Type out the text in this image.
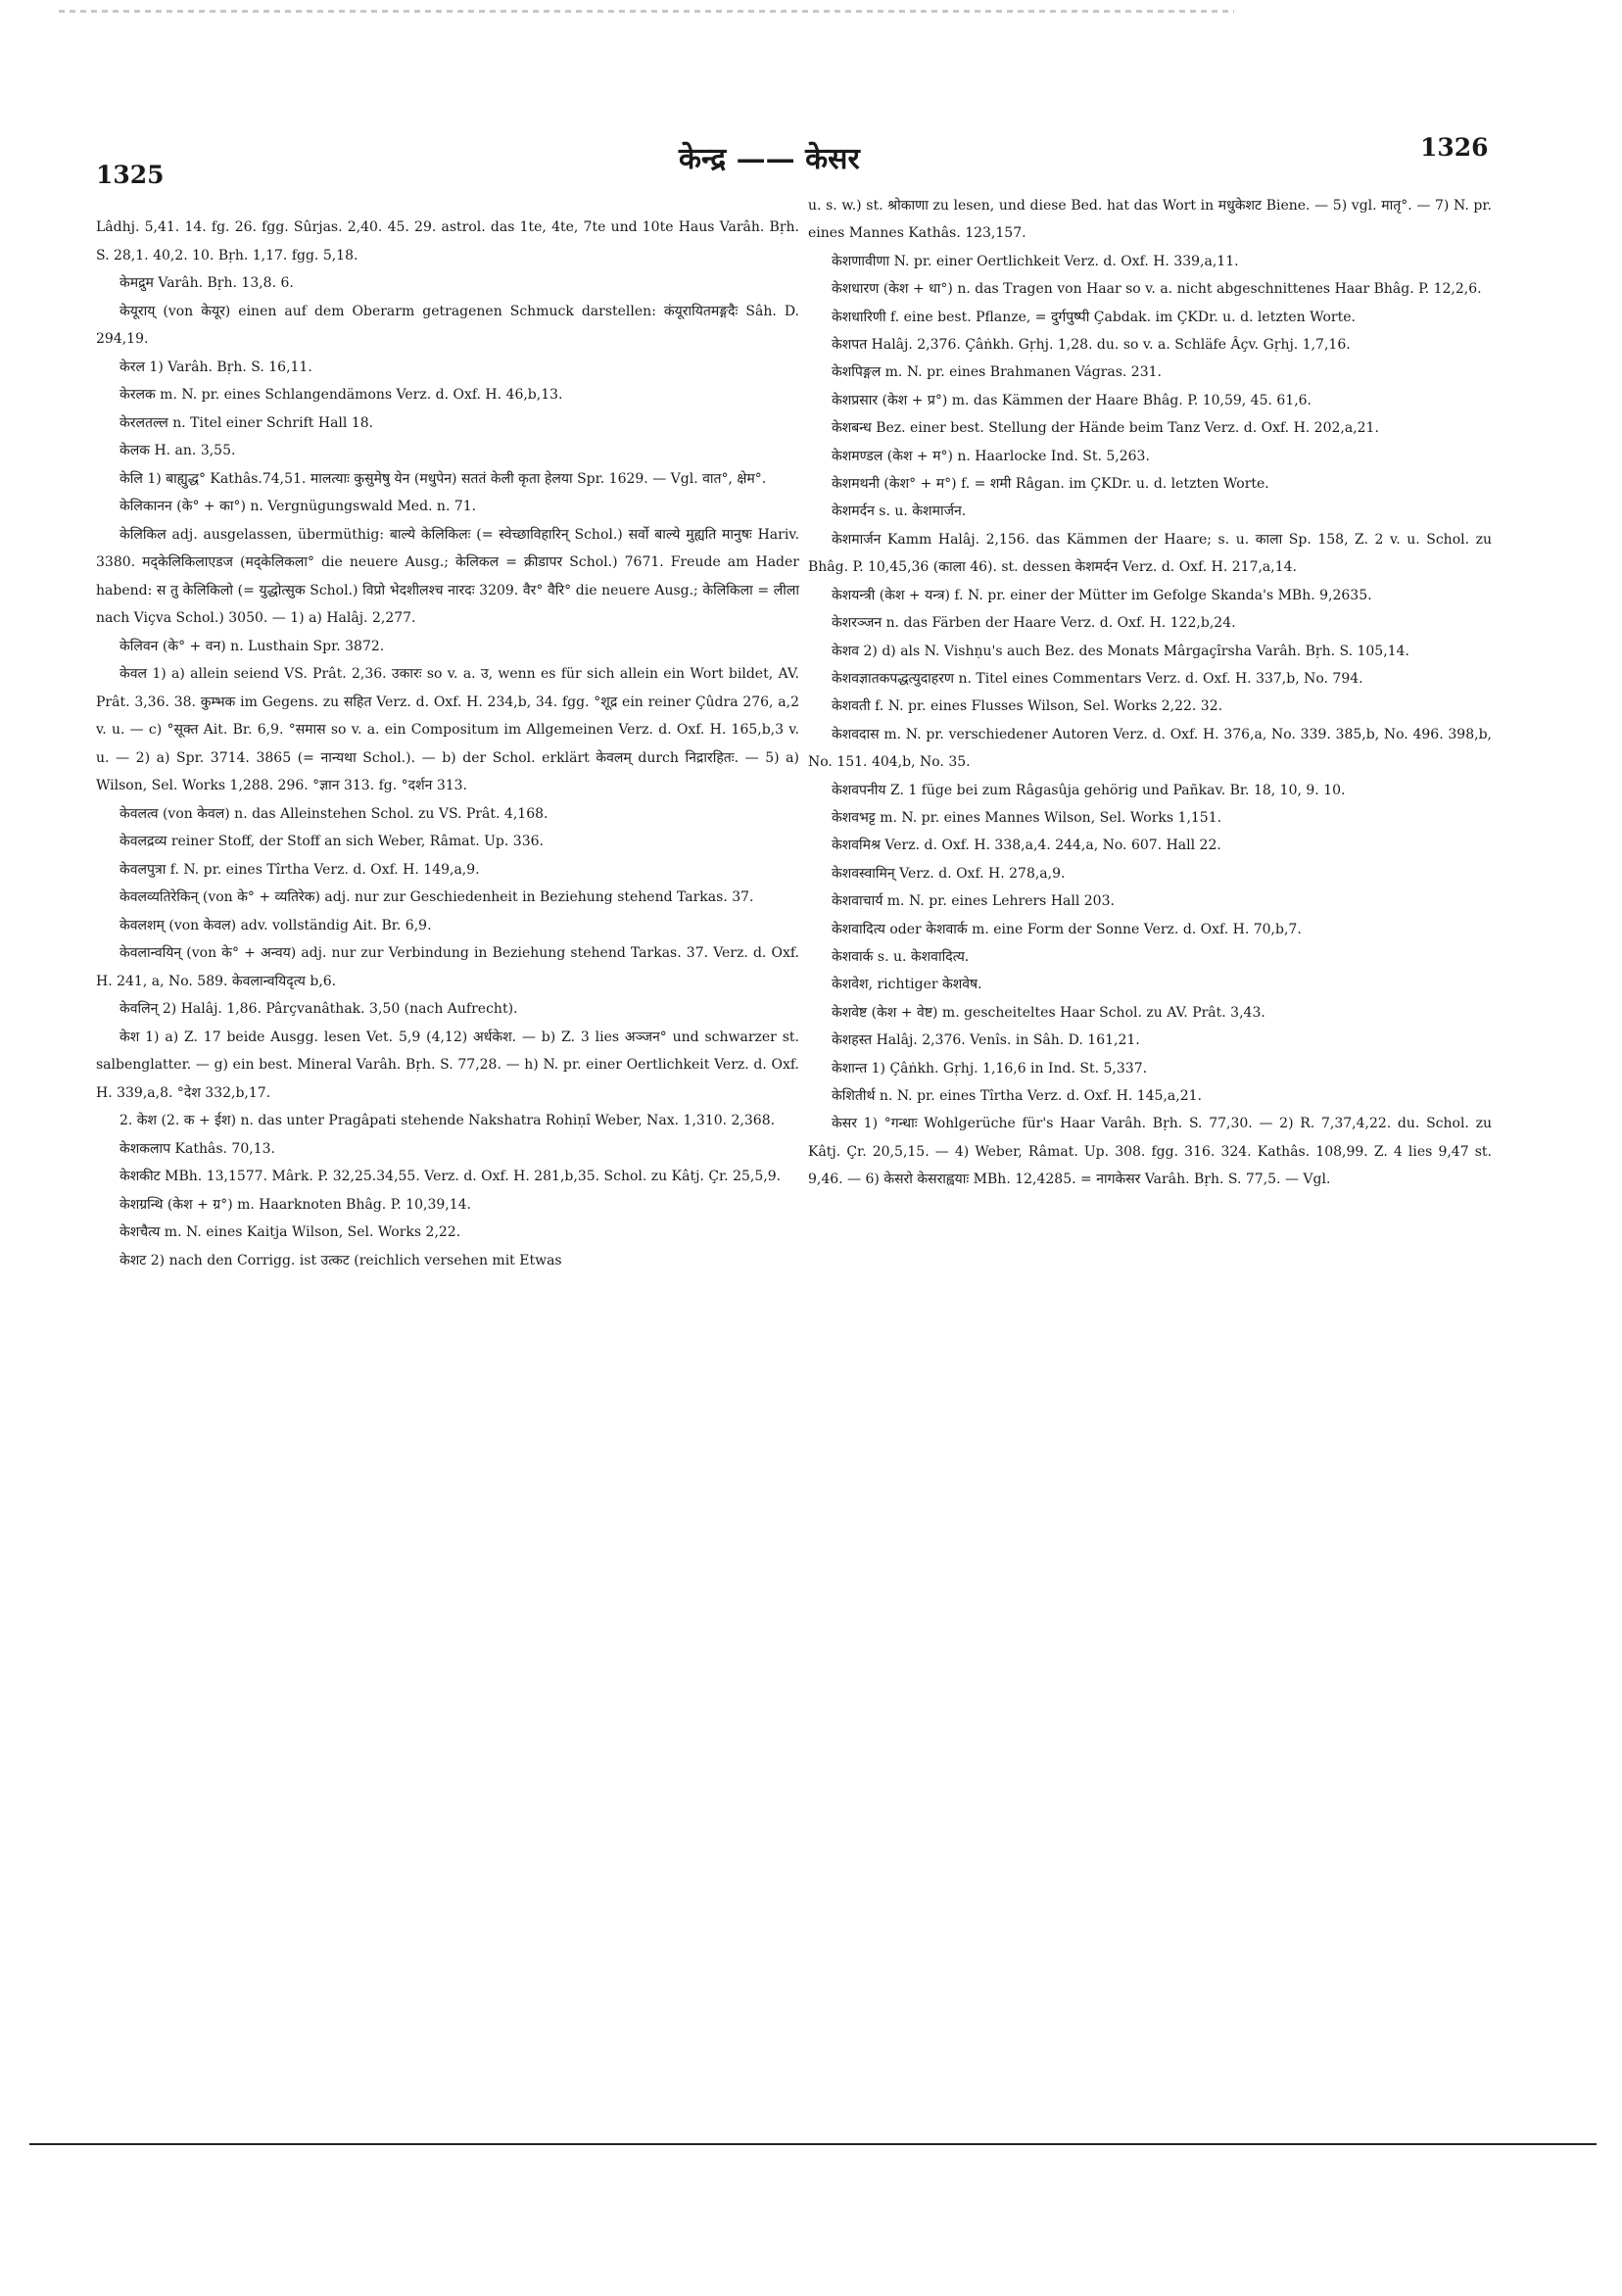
1325	केन्द्र —— केसर	1326

Lâdhj. 5,41. 14. fg. 26. fgg. Sûrjas. 2,40. 45. 29. astrol. das 1te, 4te, 7te und 10te Haus Varâh. Bṛh. S. 28,1. 40,2. 10. Bṛh. 1,17. fgg. 5,18.

केमद्रुम Varâh. Bṛh. 13,8. 6.

केयूराय् (von केयूर) einen auf dem Oberarm getragenen Schmuck darstellen: कंयूरायितमङ्गदैः Sâh. D. 294,19.

केरल 1) Varâh. Bṛh. S. 16,11.

केरलक m. N. pr. eines Schlangendämons Verz. d. Oxf. H. 46,b,13.

केरलतल्ल n. Titel einer Schrift Hall 18.

केलक H. an. 3,55.

केलि 1) बाह्युद्ध° Kathâs.74,51. मालत्याः कुसुमेषु येन (मधुपेन) सततं केली कृता हेलया Spr. 1629. — Vgl. वात°, क्षेम°.

केलिकानन (के° + का°) n. Vergnügungswald Med. n. 71.

केलिकिल adj. ausgelassen, übermüthig: बाल्ये केलिकिलः (= स्वेच्छाविहारिन् Schol.) सर्वो बाल्ये मुह्यति मानुषः Hariv. 3380. मद्केलिकिलाएडज (मद्केलिकला° die neuere Ausg.; केलिकल = क्रीडापर Schol.) 7671. Freude am Hader habend: स तु केलिकिलो (= युद्धोत्सुक Schol.) विप्रो भेदशीलश्च नारदः 3209. वैर° वैरि° die neuere Ausg.; केलिकिला = लीला nach Viçva Schol.) 3050. — 1) a) Halâj. 2,277.

केलिवन (के° + वन) n. Lusthain Spr. 3872.

केवल 1) a) allein seiend VS. Prât. 2,36. उकारः so v. a. उ, wenn es für sich allein ein Wort bildet, AV. Prât. 3,36. 38. कुम्भक im Gegens. zu सहित Verz. d. Oxf. H. 234,b, 34. fgg. °शूद्र ein reiner Çûdra 276, a,2 v. u. — c) °सूक्त Ait. Br. 6,9. °समास so v. a. ein Compositum im Allgemeinen Verz. d. Oxf. H. 165,b,3 v. u. — 2) a) Spr. 3714. 3865 (= नान्यथा Schol.). — b) der Schol. erklärt केवलम् durch निद्रारहितः. — 5) a) Wilson, Sel. Works 1,288. 296. °ज्ञान 313. fg. °दर्शन 313.

केवलत्व (von केवल) n. das Alleinstehen Schol. zu VS. Prât. 4,168.

केवलद्रव्य reiner Stoff, der Stoff an sich Weber, Râmat. Up. 336.

केवलपुत्रा f. N. pr. eines Tîrtha Verz. d. Oxf. H. 149,a,9.

केवलव्यतिरेकिन् (von के° + व्यतिरेक) adj. nur zur Geschiedenheit in Beziehung stehend Tarkas. 37.

केवलशम् (von केवल) adv. vollständig Ait. Br. 6,9.

केवलान्वयिन् (von के° + अन्वय) adj. nur zur Verbindung in Beziehung stehend Tarkas. 37. Verz. d. Oxf. H. 241, a, No. 589. केवलान्वयिदृत्य b,6.

केवलिन् 2) Halâj. 1,86. Pârçvanâthak. 3,50 (nach Aufrecht).

केश 1) a) Z. 17 beide Ausgg. lesen Vet. 5,9 (4,12) अर्धकेश. — b) Z. 3 lies अञ्जन° und schwarzer st. salbenglatter. — g) ein best. Mineral Varâh. Bṛh. S. 77,28. — h) N. pr. einer Oertlichkeit Verz. d. Oxf. H. 339,a,8. °देश 332,b,17.

2. केश (2. क + ईश) n. das unter Pragâpati stehende Nakshatra Rohiṇî Weber, Nax. 1,310. 2,368.

केशकलाप Kathâs. 70,13.

केशकीट MBh. 13,1577. Mârk. P. 32,25.34,55. Verz. d. Oxf. H. 281,b,35. Schol. zu Kâtj. Çr. 25,5,9.

केशग्रन्थि (केश + ग्र°) m. Haarknoten Bhâg. P. 10,39,14.

केशचैत्य m. N. eines Kaitja Wilson, Sel. Works 2,22.

केशट 2) nach den Corrigg. ist उत्कट (reichlich versehen mit Etwas

u. s. w.) st. श्रोकाणा zu lesen, und diese Bed. hat das Wort in मधुकेशट Biene. — 5) vgl. मातृ°. — 7) N. pr. eines Mannes Kathâs. 123,157.

केशणावीणा N. pr. einer Oertlichkeit Verz. d. Oxf. H. 339,a,11.

केशधारण (केश + धा°) n. das Tragen von Haar so v. a. nicht abgeschnittenes Haar Bhâg. P. 12,2,6.

केशधारिणी f. eine best. Pflanze, = दुर्गपुष्पी Çabdak. im ÇKDr. u. d. letzten Worte.

केशपत Halâj. 2,376. Çâṅkh. Gṛhj. 1,28. du. so v. a. Schläfe Âçv. Gṛhj. 1,7,16.

केशपिङ्गल m. N. pr. eines Brahmanen Vágras. 231.

केशप्रसार (केश + प्र°) m. das Kämmen der Haare Bhâg. P. 10,59, 45. 61,6.

केशबन्ध Bez. einer best. Stellung der Hände beim Tanz Verz. d. Oxf. H. 202,a,21.

केशमण्डल (केश + म°) n. Haarlocke Ind. St. 5,263.

केशमथनी (केश° + म°) f. = शमी Râgan. im ÇKDr. u. d. letzten Worte.

केशमर्दन s. u. केशमार्जन.

केशमार्जन Kamm Halâj. 2,156. das Kämmen der Haare; s. u. काला Sp. 158, Z. 2 v. u. Schol. zu Bhâg. P. 10,45,36 (काला 46). st. dessen केशमर्दन Verz. d. Oxf. H. 217,a,14.

केशयन्त्री (केश + यन्त्र) f. N. pr. einer der Mütter im Gefolge Skanda's MBh. 9,2635.

केशरञ्जन n. das Färben der Haare Verz. d. Oxf. H. 122,b,24.

केशव 2) d) als N. Vishṇu's auch Bez. des Monats Mârgaçîrsha Varâh. Bṛh. S. 105,14.

केशवज्ञातकपद्धत्युदाहरण n. Titel eines Commentars Verz. d. Oxf. H. 337,b, No. 794.

केशवती f. N. pr. eines Flusses Wilson, Sel. Works 2,22. 32.

केशवदास m. N. pr. verschiedener Autoren Verz. d. Oxf. H. 376,a, No. 339. 385,b, No. 496. 398,b, No. 151. 404,b, No. 35.

केशवपनीय Z. 1 füge bei zum Râgasûja gehörig und Pañkav. Br. 18, 10, 9. 10.

केशवभट्ट m. N. pr. eines Mannes Wilson, Sel. Works 1,151.

केशवमिश्र Verz. d. Oxf. H. 338,a,4. 244,a, No. 607. Hall 22.

केशवस्वामिन् Verz. d. Oxf. H. 278,a,9.

केशवाचार्य m. N. pr. eines Lehrers Hall 203.

केशवादित्य oder केशवार्क m. eine Form der Sonne Verz. d. Oxf. H. 70,b,7.

केशवार्क s. u. केशवादित्य.

केशवेश, richtiger केशवेष.

केशवेष्ट (केश + वेष्ट) m. gescheiteltes Haar Schol. zu AV. Prât. 3,43.

केशहस्त Halâj. 2,376. Venîs. in Sâh. D. 161,21.

केशान्त 1) Çâṅkh. Gṛhj. 1,16,6 in Ind. St. 5,337.

केशितीर्थ n. N. pr. eines Tîrtha Verz. d. Oxf. H. 145,a,21.

केसर 1) °गन्धाः Wohlgerüche für's Haar Varâh. Bṛh. S. 77,30. — 2) R. 7,37,4,22. du. Schol. zu Kâtj. Çr. 20,5,15. — 4) Weber, Râmat. Up. 308. fgg. 316. 324. Kathâs. 108,99. Z. 4 lies 9,47 st. 9,46. — 6) केसरो केसराह्वयाः MBh. 12,4285. = नागकेसर Varâh. Bṛh. S. 77,5. — Vgl.
